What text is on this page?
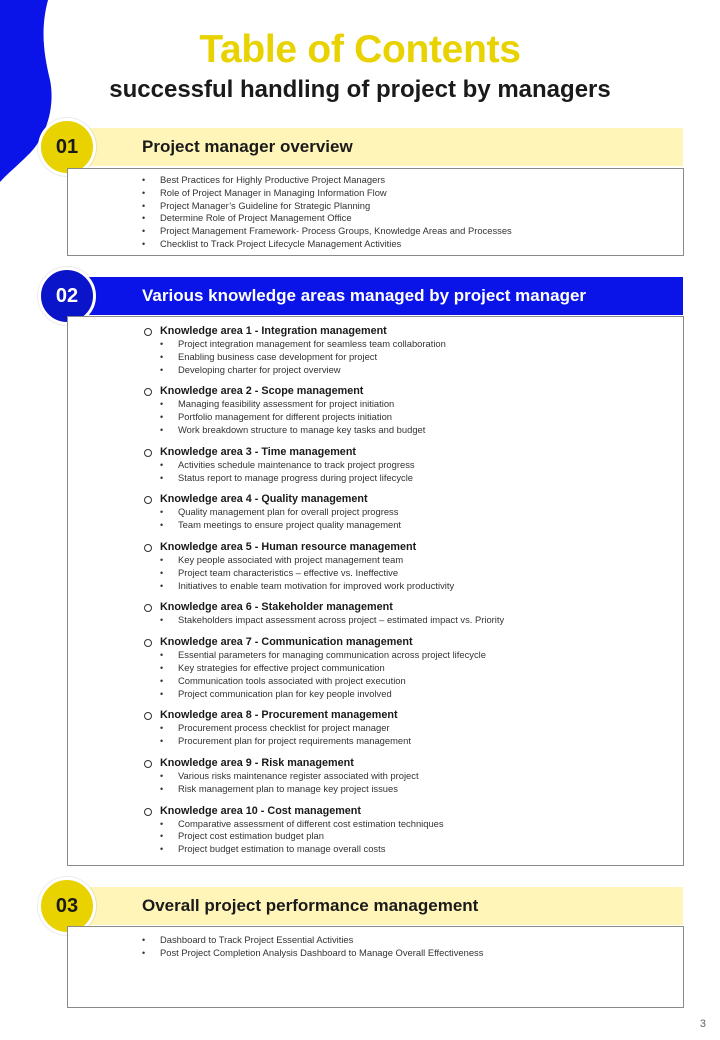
Table of Contents
successful handling of project by managers
Project manager overview
01
• Best Practices for Highly Productive Project Managers
• Role of Project Manager in Managing Information Flow
• Project Manager’s Guideline for Strategic Planning
• Determine Role of Project Management Office
• Project Management Framework- Process Groups, Knowledge Areas and Processes
• Checklist to Track Project Lifecycle Management Activities
Various knowledge areas managed by project manager
02
Knowledge area 1 - Integration management
• Project integration management for seamless team collaboration
• Enabling business case development for project
• Developing charter for project overview
Knowledge area 2 - Scope management
• Managing feasibility assessment for project initiation
• Portfolio management for different projects initiation
• Work breakdown structure to manage key tasks and budget
Knowledge area 3 - Time management
• Activities schedule maintenance to track project progress
• Status report to manage progress during project lifecycle
Knowledge area 4 - Quality management
• Quality management plan for overall project progress
• Team meetings to ensure project quality management
Knowledge area 5 - Human resource management
• Key people associated with project management team
• Project team characteristics – effective vs. Ineffective
• Initiatives to enable team motivation for improved work productivity
Knowledge area 6 - Stakeholder management
• Stakeholders impact assessment across project – estimated impact vs. Priority
Knowledge area 7 - Communication management
• Essential parameters for managing communication across project lifecycle
• Key strategies for effective project communication
• Communication tools associated with project execution
• Project communication plan for key people involved
Knowledge area 8 - Procurement management
• Procurement process checklist for project manager
• Procurement plan for project requirements management
Knowledge area 9 - Risk management
• Various risks maintenance register associated with project
• Risk management plan to manage key project issues
Knowledge area 10 - Cost management
• Comparative assessment of different cost estimation techniques
• Project cost estimation budget plan
• Project budget estimation to manage overall costs
Overall project performance management
03
• Dashboard to Track Project Essential Activities
• Post Project Completion Analysis Dashboard to Manage Overall Effectiveness
3
